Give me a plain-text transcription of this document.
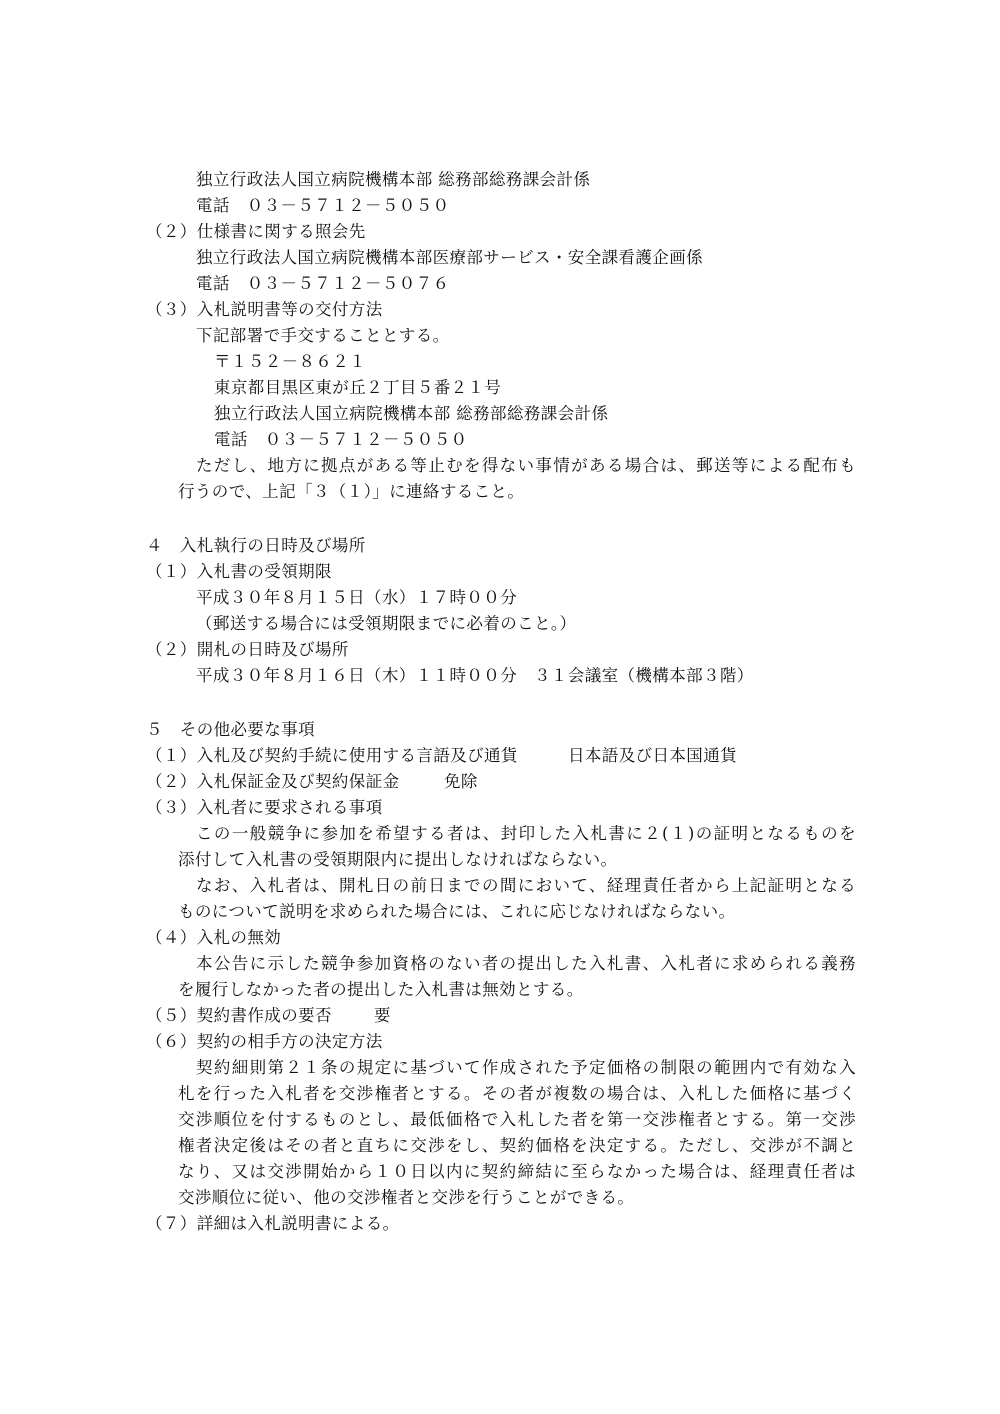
独立行政法人国立病院機構本部 総務部総務課会計係
電話　０３－５７１２－５０５０
（２）仕様書に関する照会先
独立行政法人国立病院機構本部医療部サービス・安全課看護企画係
電話　０３－５７１２－５０７６
（３）入札説明書等の交付方法
下記部署で手交することとする。
〒１５２－８６２１
東京都目黒区東が丘２丁目５番２１号
独立行政法人国立病院機構本部 総務部総務課会計係
電話　０３－５７１２－５０５０
ただし、地方に拠点がある等止むを得ない事情がある場合は、郵送等による配布も
行うので、上記「３（１）」に連絡すること。
４　入札執行の日時及び場所
（１）入札書の受領期限
平成３０年８月１５日（水）１７時００分
（郵送する場合には受領期限までに必着のこと。）
（２）開札の日時及び場所
平成３０年８月１６日（木）１１時００分　３１会議室（機構本部３階）
５　その他必要な事項
（１）入札及び契約手続に使用する言語及び通貨	日本語及び日本国通貨
（２）入札保証金及び契約保証金	免除
（３）入札者に要求される事項
この一般競争に参加を希望する者は、封印した入札書に２(１)の証明となるものを
添付して入札書の受領期限内に提出しなければならない。
なお、入札者は、開札日の前日までの間において、経理責任者から上記証明となる
ものについて説明を求められた場合には、これに応じなければならない。
（４）入札の無効
本公告に示した競争参加資格のない者の提出した入札書、入札者に求められる義務
を履行しなかった者の提出した入札書は無効とする。
（５）契約書作成の要否	要
（６）契約の相手方の決定方法
契約細則第２１条の規定に基づいて作成された予定価格の制限の範囲内で有効な入
札を行った入札者を交渉権者とする。その者が複数の場合は、入札した価格に基づく
交渉順位を付するものとし、最低価格で入札した者を第一交渉権者とする。第一交渉
権者決定後はその者と直ちに交渉をし、契約価格を決定する。ただし、交渉が不調と
なり、又は交渉開始から１０日以内に契約締結に至らなかった場合は、経理責任者は
交渉順位に従い、他の交渉権者と交渉を行うことができる。
（７）詳細は入札説明書による。
